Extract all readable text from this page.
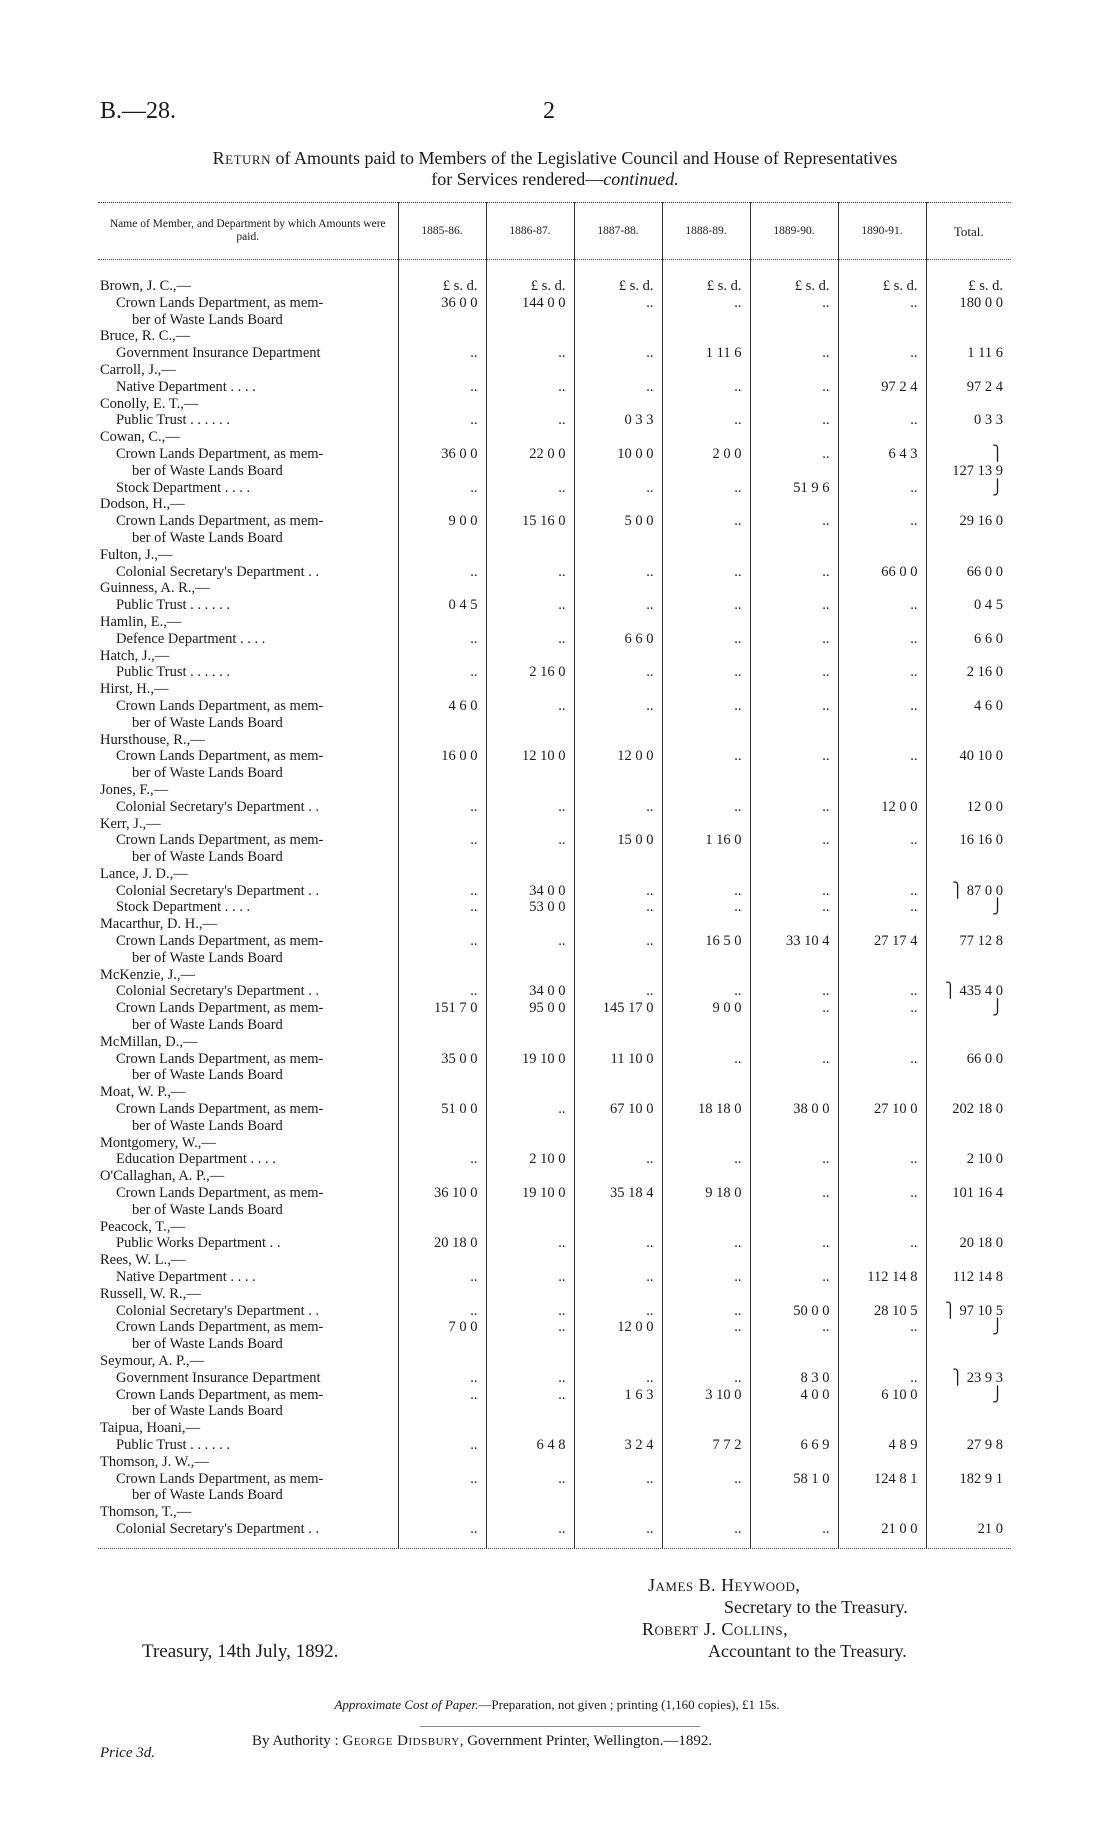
B.—28.	2
Return of Amounts paid to Members of the Legislative Council and House of Representatives
for Services rendered—continued.
Name of Member, and Department by which Amounts were paid.	1885-86.	1886-87.	1887-88.	1888-89.	1889-90.	1890-91.	Total.

Brown, J. C.,—	£ s. d.	£ s. d.	£ s. d.	£ s. d.	£ s. d.	£ s. d.	£ s. d.

Crown Lands Department, as mem-	36 0 0	144 0 0	..	..	..	..	180 0 0

ber of Waste Lands Board							

Bruce, R. C.,—							

Government Insurance Department	..	..	..	1 11 6	..	..	1 11 6

Carroll, J.,—							

Native Department . . . .	..	..	..	..	..	97 2 4	97 2 4

Conolly, E. T.,—							

Public Trust . . . . . .	..	..	0 3 3	..	..	..	0 3 3

Cowan, C.,—							

Crown Lands Department, as mem-	36 0 0	22 0 0	10 0 0	2 0 0	..	6 4 3	⎫

ber of Waste Lands Board							127 13 9

Stock Department . . . .	..	..	..	..	51 9 6	..	⎭

Dodson, H.,—							

Crown Lands Department, as mem-	9 0 0	15 16 0	5 0 0	..	..	..	29 16 0

ber of Waste Lands Board							

Fulton, J.,—							

Colonial Secretary's Department . .	..	..	..	..	..	66 0 0	66 0 0

Guinness, A. R.,—							

Public Trust . . . . . .	0 4 5	..	..	..	..	..	0 4 5

Hamlin, E.,—							

Defence Department . . . .	..	..	6 6 0	..	..	..	6 6 0

Hatch, J.,—							

Public Trust . . . . . .	..	2 16 0	..	..	..	..	2 16 0

Hirst, H.,—							

Crown Lands Department, as mem-	4 6 0	..	..	..	..	..	4 6 0

ber of Waste Lands Board							

Hursthouse, R.,—							

Crown Lands Department, as mem-	16 0 0	12 10 0	12 0 0	..	..	..	40 10 0

ber of Waste Lands Board							

Jones, F.,—							

Colonial Secretary's Department . .	..	..	..	..	..	12 0 0	12 0 0

Kerr, J.,—							

Crown Lands Department, as mem-	..	..	15 0 0	1 16 0	..	..	16 16 0

ber of Waste Lands Board							

Lance, J. D.,—							

Colonial Secretary's Department . .	..	34 0 0	..	..	..	..	⎫ 87 0 0

Stock Department . . . .	..	53 0 0	..	..	..	..	⎭

Macarthur, D. H.,—							

Crown Lands Department, as mem-	..	..	..	16 5 0	33 10 4	27 17 4	77 12 8

ber of Waste Lands Board							

McKenzie, J.,—							

Colonial Secretary's Department . .	..	34 0 0	..	..	..	..	⎫ 435 4 0

Crown Lands Department, as mem-	151 7 0	95 0 0	145 17 0	9 0 0	..	..	⎭

ber of Waste Lands Board							

McMillan, D.,—							

Crown Lands Department, as mem-	35 0 0	19 10 0	11 10 0	..	..	..	66 0 0

ber of Waste Lands Board							

Moat, W. P.,—							

Crown Lands Department, as mem-	51 0 0	..	67 10 0	18 18 0	38 0 0	27 10 0	202 18 0

ber of Waste Lands Board							

Montgomery, W.,—							

Education Department . . . .	..	2 10 0	..	..	..	..	2 10 0

O'Callaghan, A. P.,—							

Crown Lands Department, as mem-	36 10 0	19 10 0	35 18 4	9 18 0	..	..	101 16 4

ber of Waste Lands Board							

Peacock, T.,—							

Public Works Department . .	20 18 0	..	..	..	..	..	20 18 0

Rees, W. L.,—							

Native Department . . . .	..	..	..	..	..	112 14 8	112 14 8

Russell, W. R.,—							

Colonial Secretary's Department . .	..	..	..	..	50 0 0	28 10 5	⎫ 97 10 5

Crown Lands Department, as mem-	7 0 0	..	12 0 0	..	..	..	⎭

ber of Waste Lands Board							

Seymour, A. P.,—							

Government Insurance Department	..	..	..	..	8 3 0	..	⎫ 23 9 3

Crown Lands Department, as mem-	..	..	1 6 3	3 10 0	4 0 0	6 10 0	⎭

ber of Waste Lands Board							

Taipua, Hoani,—							

Public Trust . . . . . .	..	6 4 8	3 2 4	7 7 2	6 6 9	4 8 9	27 9 8

Thomson, J. W.,—							

Crown Lands Department, as mem-	..	..	..	..	58 1 0	124 8 1	182 9 1

ber of Waste Lands Board							

Thomson, T.,—							

Colonial Secretary's Department . .	..	..	..	..	..	21 0 0	21 0

James B. Heywood,
Secretary to the Treasury.
Robert J. Collins,
Accountant to the Treasury.
Treasury, 14th July, 1892.
Approximate Cost of Paper.—Preparation, not given ; printing (1,160 copies), £1 15s.
By Authority : George Didsbury, Government Printer, Wellington.—1892.
Price 3d.
